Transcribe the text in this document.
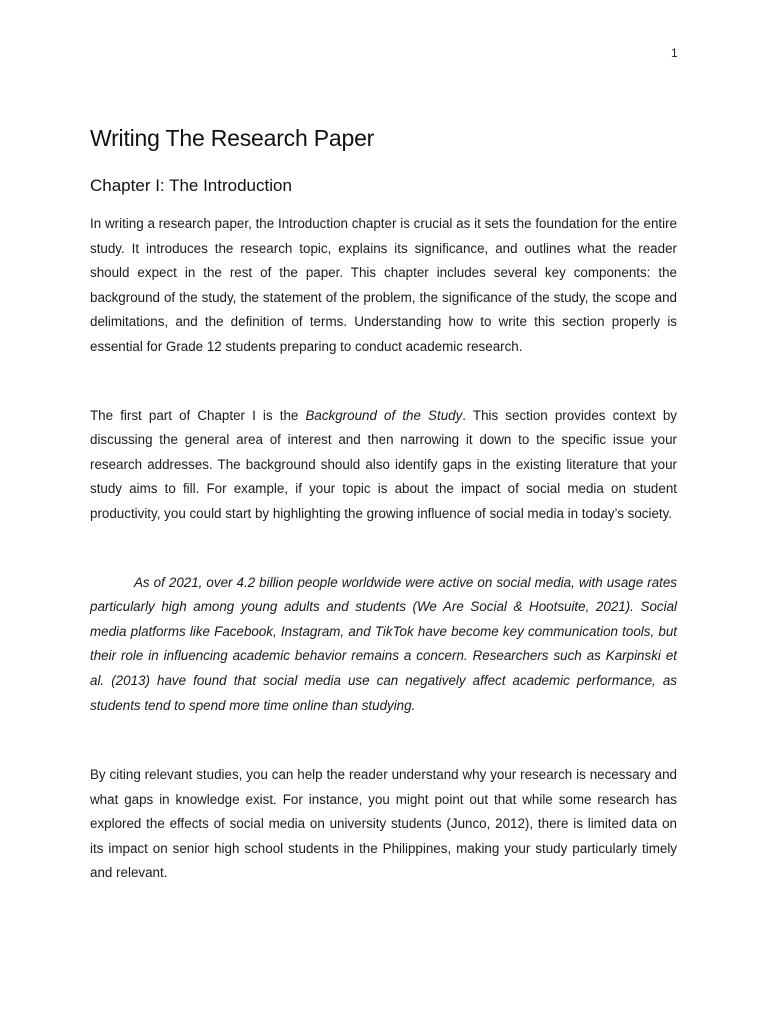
1
Writing The Research Paper
Chapter I: The Introduction

In writing a research paper, the Introduction chapter is crucial as it sets the foundation for the entire study. It introduces the research topic, explains its significance, and outlines what the reader should expect in the rest of the paper. This chapter includes several key components: the background of the study, the statement of the problem, the significance of the study, the scope and delimitations, and the definition of terms. Understanding how to write this section properly is essential for Grade 12 students preparing to conduct academic research.

The first part of Chapter I is the Background of the Study. This section provides context by discussing the general area of interest and then narrowing it down to the specific issue your research addresses. The background should also identify gaps in the existing literature that your study aims to fill. For example, if your topic is about the impact of social media on student productivity, you could start by highlighting the growing influence of social media in today’s society.

As of 2021, over 4.2 billion people worldwide were active on social media, with usage rates particularly high among young adults and students (We Are Social & Hootsuite, 2021). Social media platforms like Facebook, Instagram, and TikTok have become key communication tools, but their role in influencing academic behavior remains a concern. Researchers such as Karpinski et al. (2013) have found that social media use can negatively affect academic performance, as students tend to spend more time online than studying.

By citing relevant studies, you can help the reader understand why your research is necessary and what gaps in knowledge exist. For instance, you might point out that while some research has explored the effects of social media on university students (Junco, 2012), there is limited data on its impact on senior high school students in the Philippines, making your study particularly timely and relevant.
